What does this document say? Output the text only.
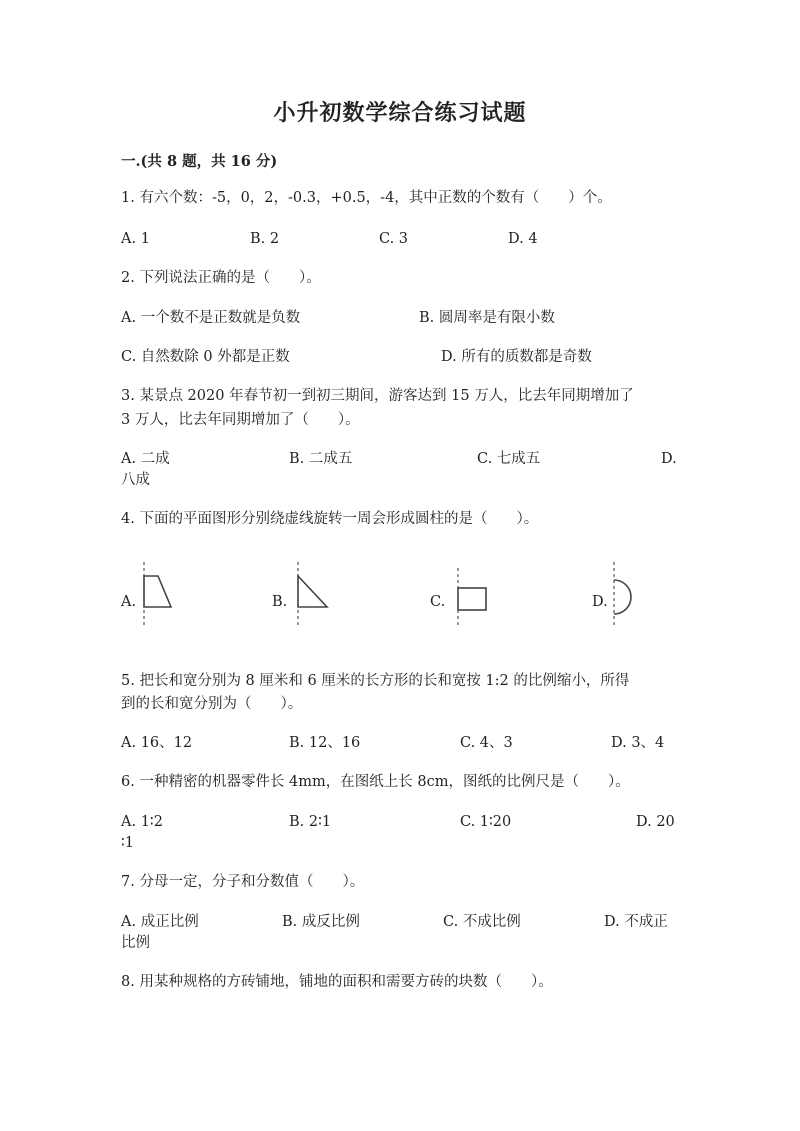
小升初数学综合练习试题
一.(共 8 题，共 16 分)
1. 有六个数：-5，0，2，-0.3，+0.5，-4，其中正数的个数有（　　）个。
A. 1	B. 2	C. 3	D. 4
2. 下列说法正确的是（　　）。
A. 一个数不是正数就是负数	B. 圆周率是有限小数
C. 自然数除 0 外都是正数	D. 所有的质数都是奇数
3. 某景点 2020 年春节初一到初三期间，游客达到 15 万人，比去年同期增加了
3 万人，比去年同期增加了（　　）。
A. 二成	B. 二成五	C. 七成五	D.
八成
4. 下面的平面图形分别绕虚线旋转一周会形成圆柱的是（　　）。
A.	B.	C.	D.
5. 把长和宽分别为 8 厘米和 6 厘米的长方形的长和宽按 1:2 的比例缩小，所得
到的长和宽分别为（　　）。
A. 16、12	B. 12、16	C. 4、3	D. 3、4
6. 一种精密的机器零件长 4mm，在图纸上长 8cm，图纸的比例尺是（　　）。
A. 1∶2	B. 2∶1	C. 1∶20	D. 20
∶1
7. 分母一定，分子和分数值（　　）。
A. 成正比例	B. 成反比例	C. 不成比例	D. 不成正
比例
8. 用某种规格的方砖铺地，铺地的面积和需要方砖的块数（　　）。
